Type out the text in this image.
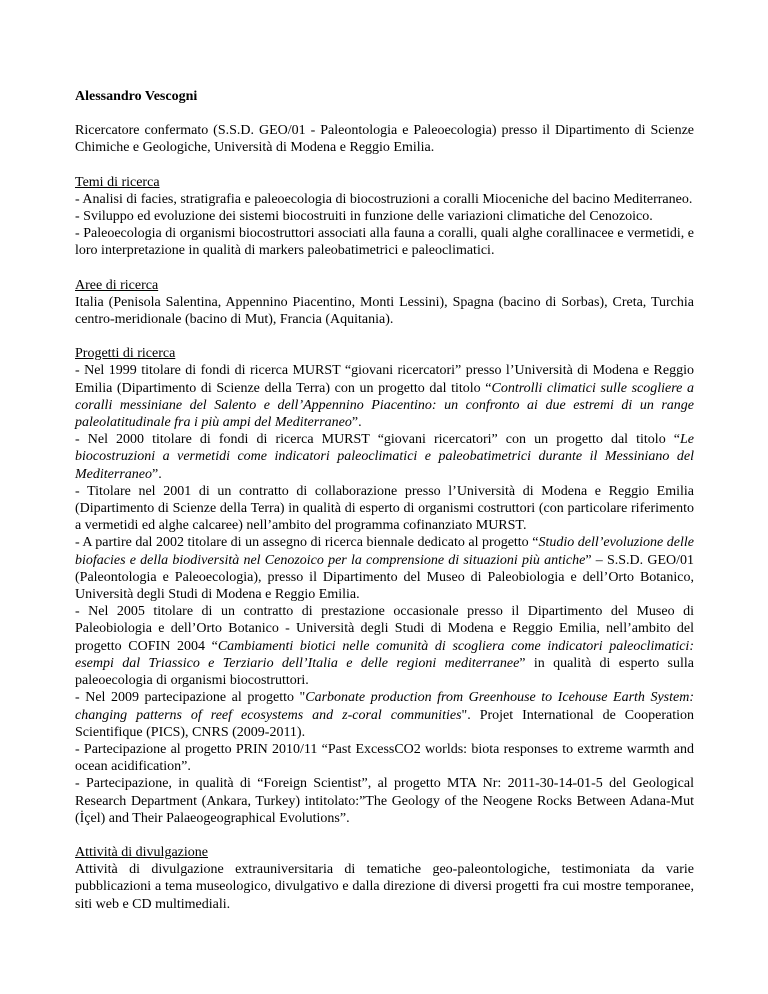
Alessandro Vescogni
Ricercatore confermato (S.S.D. GEO/01 - Paleontologia e Paleoecologia) presso il Dipartimento di Scienze Chimiche e Geologiche, Università di Modena e Reggio Emilia.
Temi di ricerca
- Analisi di facies, stratigrafia e paleoecologia di biocostruzioni a coralli Mioceniche del bacino Mediterraneo.
- Sviluppo ed evoluzione dei sistemi biocostruiti in funzione delle variazioni climatiche del Cenozoico.
- Paleoecologia di organismi biocostruttori associati alla fauna a coralli, quali alghe corallinacee e vermetidi, e loro interpretazione in qualità di markers paleobatimetrici e paleoclimatici.
Aree di ricerca
Italia (Penisola Salentina, Appennino Piacentino, Monti Lessini), Spagna (bacino di Sorbas), Creta, Turchia centro-meridionale (bacino di Mut), Francia (Aquitania).
Progetti di ricerca
- Nel 1999 titolare di fondi di ricerca MURST “giovani ricercatori” presso l’Università di Modena e Reggio Emilia (Dipartimento di Scienze della Terra) con un progetto dal titolo “Controlli climatici sulle scogliere a coralli messiniane del Salento e dell’Appennino Piacentino: un confronto ai due estremi di un range paleolatitudinale fra i più ampi del Mediterraneo”.
- Nel 2000 titolare di fondi di ricerca MURST “giovani ricercatori” con un progetto dal titolo “Le biocostruzioni a vermetidi come indicatori paleoclimatici e paleobatimetrici durante il Messiniano del Mediterraneo”.
- Titolare nel 2001 di un contratto di collaborazione presso l’Università di Modena e Reggio Emilia (Dipartimento di Scienze della Terra) in qualità di esperto di organismi costruttori (con particolare riferimento a vermetidi ed alghe calcaree) nell’ambito del programma cofinanziato MURST.
- A partire dal 2002 titolare di un assegno di ricerca biennale dedicato al progetto “Studio dell’evoluzione delle biofacies e della biodiversità nel Cenozoico per la comprensione di situazioni più antiche” – S.S.D. GEO/01 (Paleontologia e Paleoecologia), presso il Dipartimento del Museo di Paleobiologia e dell’Orto Botanico, Università degli Studi di Modena e Reggio Emilia.
- Nel 2005 titolare di un contratto di prestazione occasionale presso il Dipartimento del Museo di Paleobiologia e dell’Orto Botanico - Università degli Studi di Modena e Reggio Emilia, nell’ambito del progetto COFIN 2004 “Cambiamenti biotici nelle comunità di scogliera come indicatori paleoclimatici: esempi dal Triassico e Terziario dell’Italia e delle regioni mediterranee” in qualità di esperto sulla paleoecologia di organismi biocostruttori.
- Nel 2009 partecipazione al progetto "Carbonate production from Greenhouse to Icehouse Earth System: changing patterns of reef ecosystems and z-coral communities". Projet International de Cooperation Scientifique (PICS), CNRS (2009-2011).
- Partecipazione al progetto PRIN 2010/11 “Past ExcessCO2 worlds: biota responses to extreme warmth and ocean acidification”.
- Partecipazione, in qualità di “Foreign Scientist”, al progetto MTA Nr: 2011-30-14-01-5 del Geological Research Department (Ankara, Turkey) intitolato:”The Geology of the Neogene Rocks Between Adana-Mut (İçel) and Their Palaeogeographical Evolutions”.
Attività di divulgazione
Attività di divulgazione extrauniversitaria di tematiche geo-paleontologiche, testimoniata da varie pubblicazioni a tema museologico, divulgativo e dalla direzione di diversi progetti fra cui mostre temporanee, siti web e CD multimediali.
